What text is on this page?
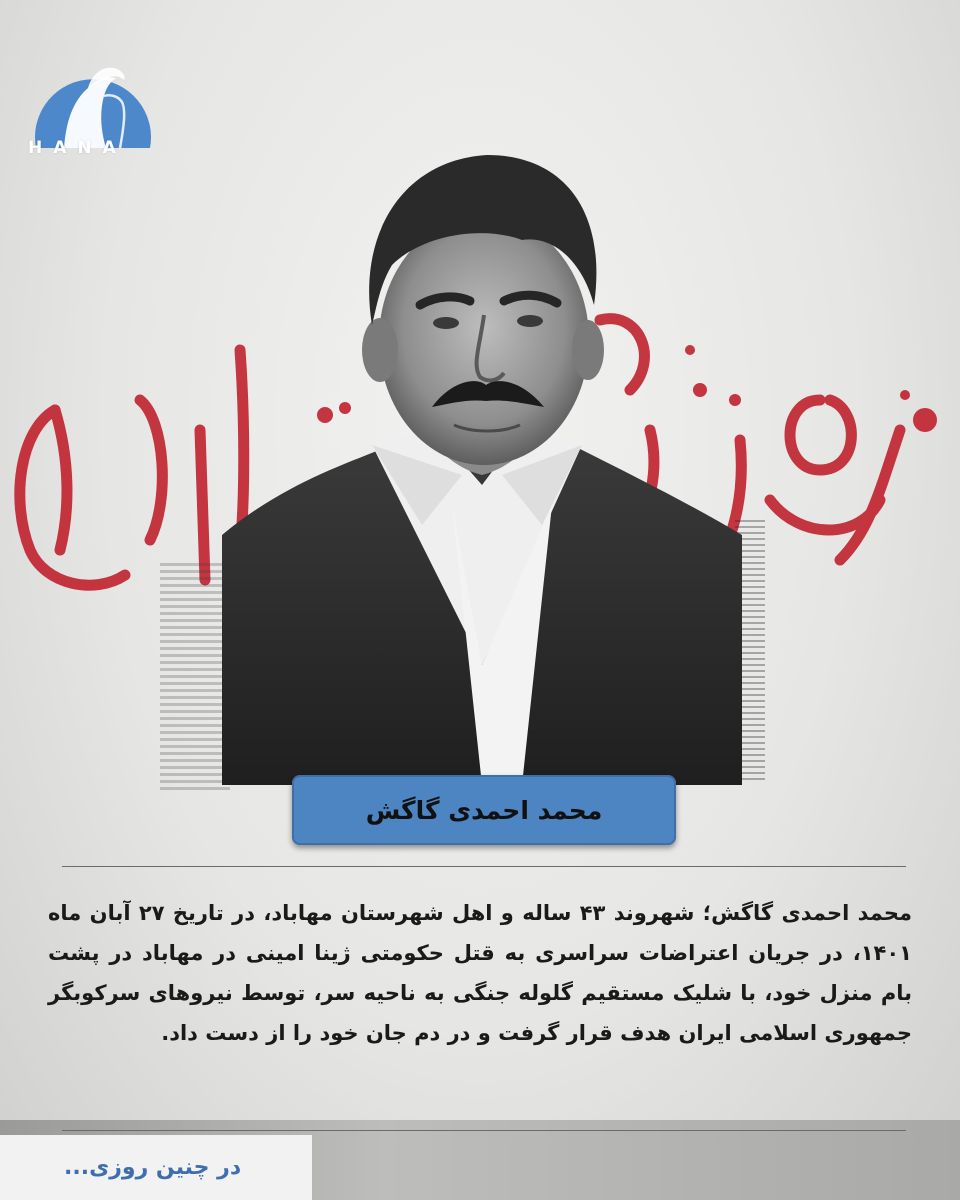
HANA
محمد احمدی گاگش
محمد احمدی گاگش؛ شهروند ۴۳ ساله و اهل شهرستان مهاباد، در تاریخ ۲۷ آبان ماه ۱۴۰۱، در جریان اعتراضات سراسری به قتل حکومتی ژینا امینی در مهاباد در پشت بام منزل خود، با شلیک مستقیم گلوله جنگی به ناحیه سر، توسط نیروهای سرکوبگر جمهوری اسلامی ایران هدف قرار گرفت و در دم جان خود را از دست داد.
در چنین روزی...
